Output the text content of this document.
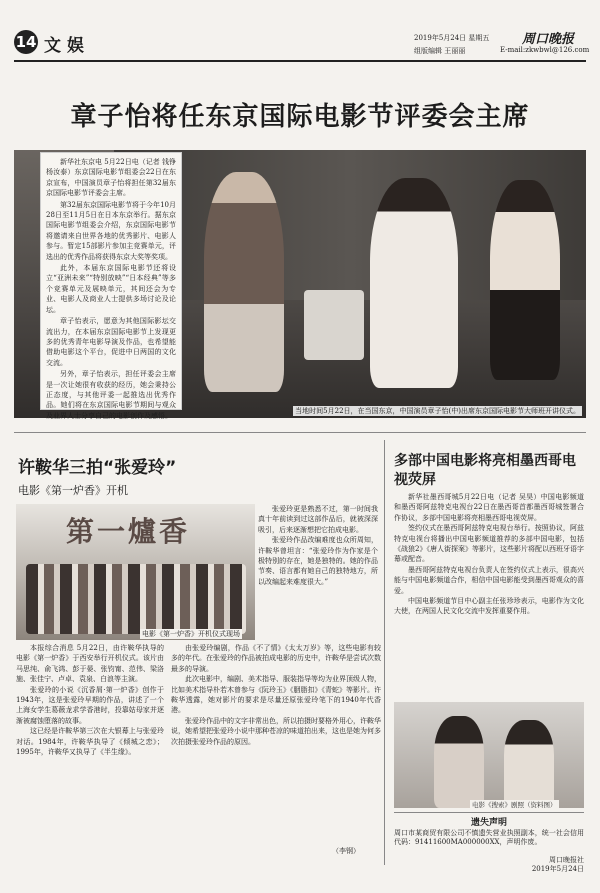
14 文娱	2019年5月24日 星期五	周口晚报
组版编辑 王丽丽	E-mail:zkwbwl@126.com
章子怡将任东京国际电影节评委会主席

新华社东京电 5月22日电（记者 钱铮 杨汝泰）东京国际电影节组委会22日在东京宣布，中国演员章子怡将担任第32届东京国际电影节评委会主席。

第32届东京国际电影节将于今年10月28日至11月5日在日本东京举行。据东京国际电影节组委会介绍，东京国际电影节将邀请来自世界各地的优秀影片、电影人参与。暂定15部影片参加主竞赛单元，评选出的优秀作品将获得东京大奖等奖项。

此外，本届东京国际电影节还将设立“亚洲未来”“特别放映”“日本经典”等多个竞赛单元及展映单元，其间还会为专业、电影人及商业人士提供多场讨论及论坛。

章子怡表示，愿意为其他国际影坛交流出力，在本届东京国际电影节上发现更多的优秀青年电影导演及作品，也希望能借助电影这个平台，促进中日两国的文化交流。

另外，章子怡表示，担任评委会主席是一次让她很有收获的经历，她会秉持公正态度，与其他评委一起推选出优秀作品。她们将在东京国际电影节期间与观众及业界人士分享自己的电影创作及感悟。

当地时间5月22日，在当国东京，中国演员章子怡(中)出席东京国际电影节大师班开讲仪式。
许鞍华三拍“张爱玲”
电影《第一炉香》开机
第一爐香
电影《第一炉香》开机仪式现场

张爱玲更是熟悉不过，第一时间我真十年前读到过这部作品后，就被深深吸引，后来逐渐想把它拍成电影。

张爱玲作品改编难度也众所周知，许鞍华曾坦言：“张爱玲作为作家是个极特别的存在，她是独特的。她的作品节奏、语言都有她自己的独特地方，所以改编起来难度很大。”

本报综合消息 5月22日，由许鞍华执导的电影《第一炉香》于西安举行开机仪式。该片由马思纯、俞飞鸿、彭于晏、张钧甯、范伟、梁洛施、张佳宁、卢卓、袁泉、白浪等主演。

张爱玲的小说《沉香屑·第一炉香》创作于1943年，这是张爱玲早期的作品，讲述了一个上海女学生葛薇龙求学香港时，投靠姑母家并逐渐被腐蚀堕落的故事。

这已经是许鞍华第三次在大银幕上与张爱玲对话。1984年，许鞍华执导了《倾城之恋》；1995年，许鞍华又执导了《半生缘》。

由张爱玲编剧，作品《不了情》《太太万岁》等，这些电影有较多的年代。在张爱玲的作品被拍成电影的历史中，许鞍华是尝试次数最多的导演。

此次电影中，编剧、美术指导、服装指导等均为业界顶级人物，比如美术指导朴若木曾参与《阮玲玉》《胭脂扣》《青蛇》等影片。许鞍华透露，她对影片的要求是尽量还原张爱玲笔下的1940年代香港。

张爱玲作品中的文字非常出色，所以拍摄时要格外用心，许鞍华说，她希望把张爱玲小说中那种苍凉的味道拍出来，这也是她为何多次拍摄张爱玲作品的原因。

（李钢）
多部中国电影将亮相墨西哥电视荧屏

新华社墨西哥城5月22日电（记者 吴昊）中国电影频道和墨西哥阿兹特克电视台22日在墨西哥首都墨西哥城签署合作协议，多部中国电影将亮相墨西哥电视荧屏。

签约仪式在墨西哥阿兹特克电视台举行。按照协议，阿兹特克电视台将播出中国电影频道推荐的多部中国电影，包括《战狼2》《唐人街探案》等影片，这些影片将配以西班牙语字幕或配音。

墨西哥阿兹特克电视台负责人在签约仪式上表示，很高兴能与中国电影频道合作，相信中国电影能受到墨西哥观众的喜爱。

中国电影频道节目中心副主任张珍珍表示，电影作为文化大使，在两国人民文化交流中发挥重要作用。

电影《搜索》剧照（资料图）
遗失声明
周口市某商贸有限公司不慎遗失营业执照副本，统一社会信用代码：91411600MA000000XX，声明作废。
周口晚报社
2019年5月24日
